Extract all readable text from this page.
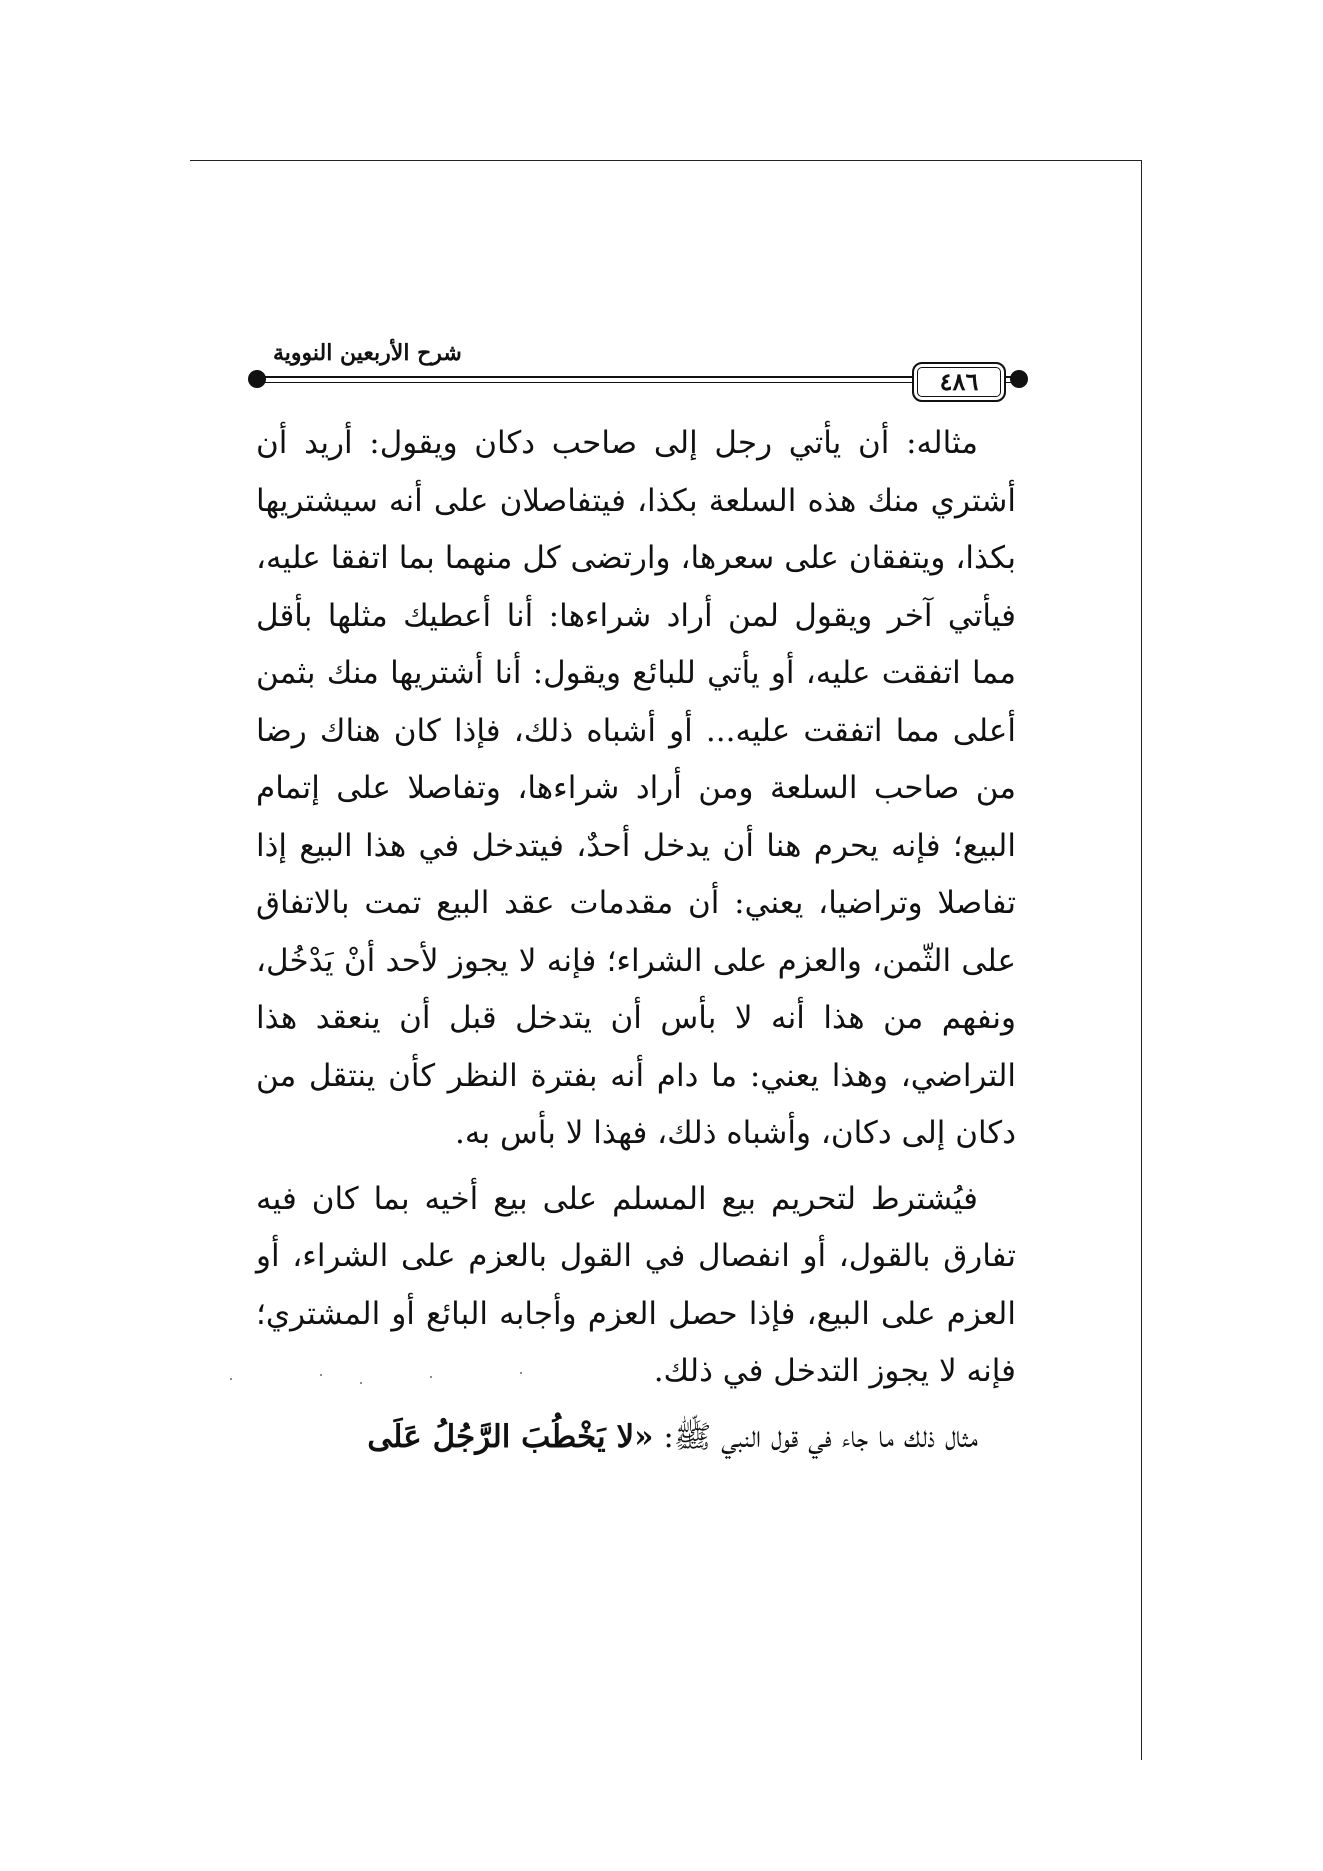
شرح الأربعين النووية
٤٨٦

مثاله: أن يأتي رجل إلى صاحب دكان ويقول: أريد أن أشتري منك هذه السلعة بكذا، فيتفاصلان على أنه سيشتريها بكذا، ويتفقان على سعرها، وارتضى كل منهما بما اتفقا عليه، فيأتي آخر ويقول لمن أراد شراءها: أنا أعطيك مثلها بأقل مما اتفقت عليه، أو يأتي للبائع ويقول: أنا أشتريها منك بثمن أعلى مما اتفقت عليه... أو أشباه ذلك، فإذا كان هناك رضا من صاحب السلعة ومن أراد شراءها، وتفاصلا على إتمام البيع؛ فإنه يحرم هنا أن يدخل أحدٌ، فيتدخل في هذا البيع إذا تفاصلا وتراضيا، يعني: أن مقدمات عقد البيع تمت بالاتفاق على الثّمن، والعزم على الشراء؛ فإنه لا يجوز لأحد أنْ يَدْخُل، ونفهم من هذا أنه لا بأس أن يتدخل قبل أن ينعقد هذا التراضي، وهذا يعني: ما دام أنه بفترة النظر كأن ينتقل من دكان إلى دكان، وأشباه ذلك، فهذا لا بأس به.

فيُشترط لتحريم بيع المسلم على بيع أخيه بما كان فيه تفارق بالقول، أو انفصال في القول بالعزم على الشراء، أو العزم على البيع، فإذا حصل العزم وأجابه البائع أو المشتري؛ فإنه لا يجوز التدخل في ذلك.

مثال ذلك ما جاء في قول النبي ﷺ: «لا يَخْطُبَ الرَّجُلُ عَلَى
